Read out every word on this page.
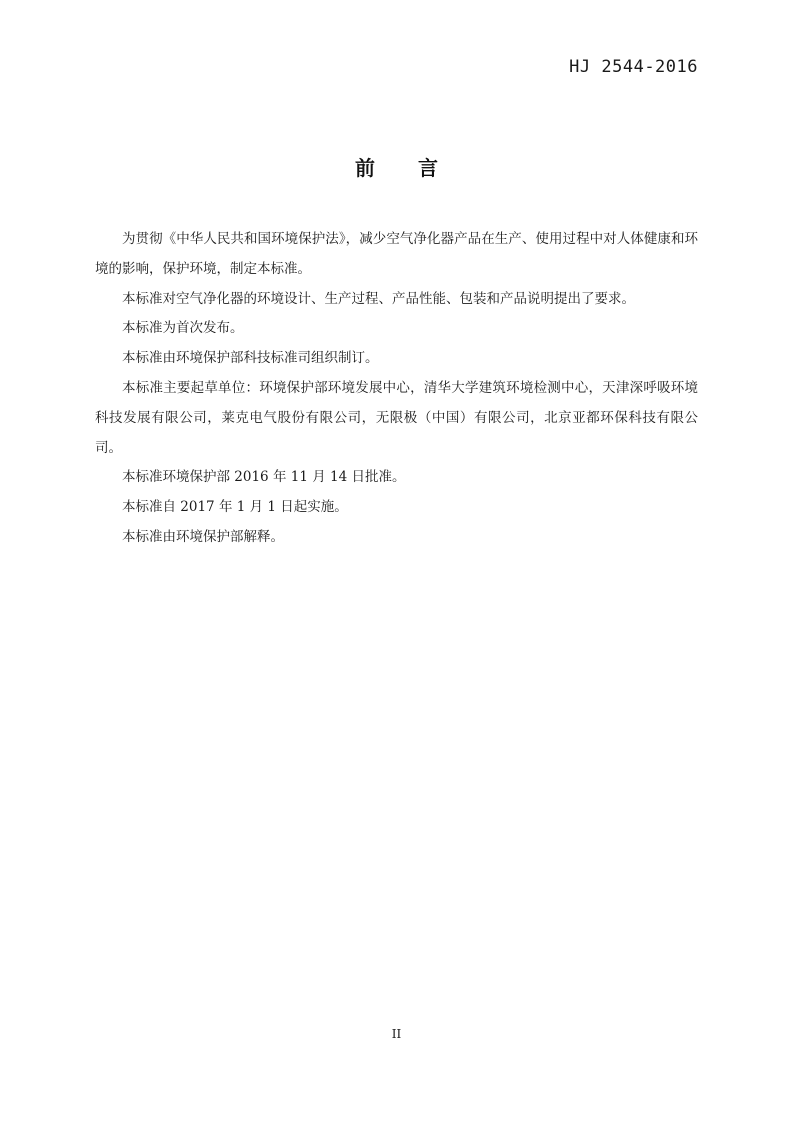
HJ 2544-2016
前 言

为贯彻《中华人民共和国环境保护法》，减少空气净化器产品在生产、使用过程中对人体健康和环境的影响，保护环境，制定本标准。

本标准对空气净化器的环境设计、生产过程、产品性能、包装和产品说明提出了要求。

本标准为首次发布。

本标准由环境保护部科技标准司组织制订。

本标准主要起草单位：环境保护部环境发展中心，清华大学建筑环境检测中心，天津深呼吸环境科技发展有限公司，莱克电气股份有限公司，无限极（中国）有限公司，北京亚都环保科技有限公司。

本标准环境保护部 2016 年 11 月 14 日批准。

本标准自 2017 年 1 月 1 日起实施。

本标准由环境保护部解释。

II
